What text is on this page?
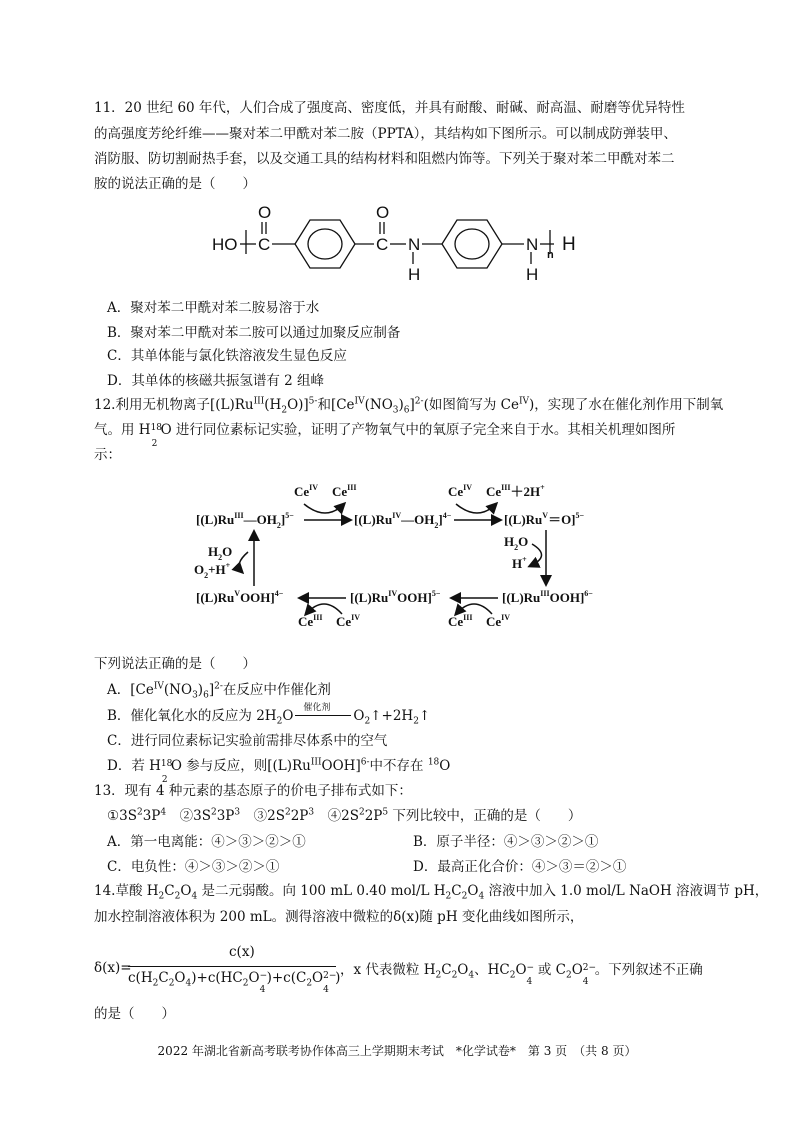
11．20 世纪 60 年代，人们合成了强度高、密度低，并具有耐酸、耐碱、耐高温、耐磨等优异特性
的高强度芳纶纤维——聚对苯二甲酰对苯二胺（PPTA），其结构如下图所示。可以制成防弹装甲、
消防服、防切割耐热手套，以及交通工具的结构材料和阻燃内饰等。下列关于聚对苯二甲酰对苯二
胺的说法正确的是（　　）
HO C
O
C
O
N
H
N
H
H
n
A．聚对苯二甲酰对苯二胺易溶于水
B．聚对苯二甲酰对苯二胺可以通过加聚反应制备
C．其单体能与氯化铁溶液发生显色反应
D．其单体的核磁共振氢谱有 2 组峰
12.利用无机物离子$[(L)Ru^{III}(H_2O)]^{5-}$和$[Ce^{IV}(NO_3)_6]^{2-}$(如图简写为 $Ce^{IV}$)，实现了水在催化剂作用下制氧
气。用 H 18
2
O 进行同位素标记实验，证明了产物氧气中的氧原子完全来自于水。其相关机理如图所
示：
$[(L)Ru^{III}—OH_2]^{5-}$	$[(L)Ru^{IV}—OH_2]^{4-}$	$[(L)Ru^V=O]^{5-}$
$[(L)Ru^{III}OOH]^{6-}$
$[(L)Ru^{IV}OOH]^{5-}$
$[(L)Ru^VOOH]^{4-}$
$Ce^{IV}$ $Ce^{III}$	$Ce^{IV}$ $Ce^{III}+2H^+$
$Ce^{III}$ $Ce^{IV}$
$Ce^{III}$ $Ce^{IV}$
$H_2O$
H+
$H_2O$
$O_2+H^+$
下列说法正确的是（　　）
A．$[Ce^{IV}(NO_3)_6]^{2-}$在反应中作催化剂
B．催化氧化水的反应为 $2H_2O$ 催化剂 $O_2↑+2H_2↑$
C．进行同位素标记实验前需排尽体系中的空气
D．若 H 18
2
O 参与反应，则$[(L)Ru^{III}OOH]^{6-}$中不存在 $^{18}$O
13．现有 4 种元素的基态原子的价电子排布式如下：
$①3S^23P^4$　$②3S^23P^3$　$③2S^22P^3$　$④2S^22P^5$ 下列比较中，正确的是（　　）
A．第一电离能：④＞③＞②＞①	B．原子半径：④＞③＞②＞①
C．电负性：④＞③＞②＞①	D．最高正化合价：④＞③＝②＞①
14.草酸 $H_2C_2O_4$ 是二元弱酸。向 100 mL 0.40 mol/L $H_2C_2O_4$ 溶液中加入 1.0 mol/L NaOH 溶液调节 pH，
加水控制溶液体积为 200 mL。测得溶液中微粒的δ(x)随 pH 变化曲线如图所示，
δ(x)=
c(x)
$c(H_2C_2O_4)+c(HC_2O$ −
4
)$+c(C_2O$ 2−
4
) ，x 代表微粒 $H_2C_2O_4$、$HC_2O$ −
4
或 $C_2O$ 2−
4
。下列叙述不正确
的是（　　）
2022 年湖北省新高考联考协作体高三上学期期末考试 *化学试卷* 第 3 页　（共 8 页）
